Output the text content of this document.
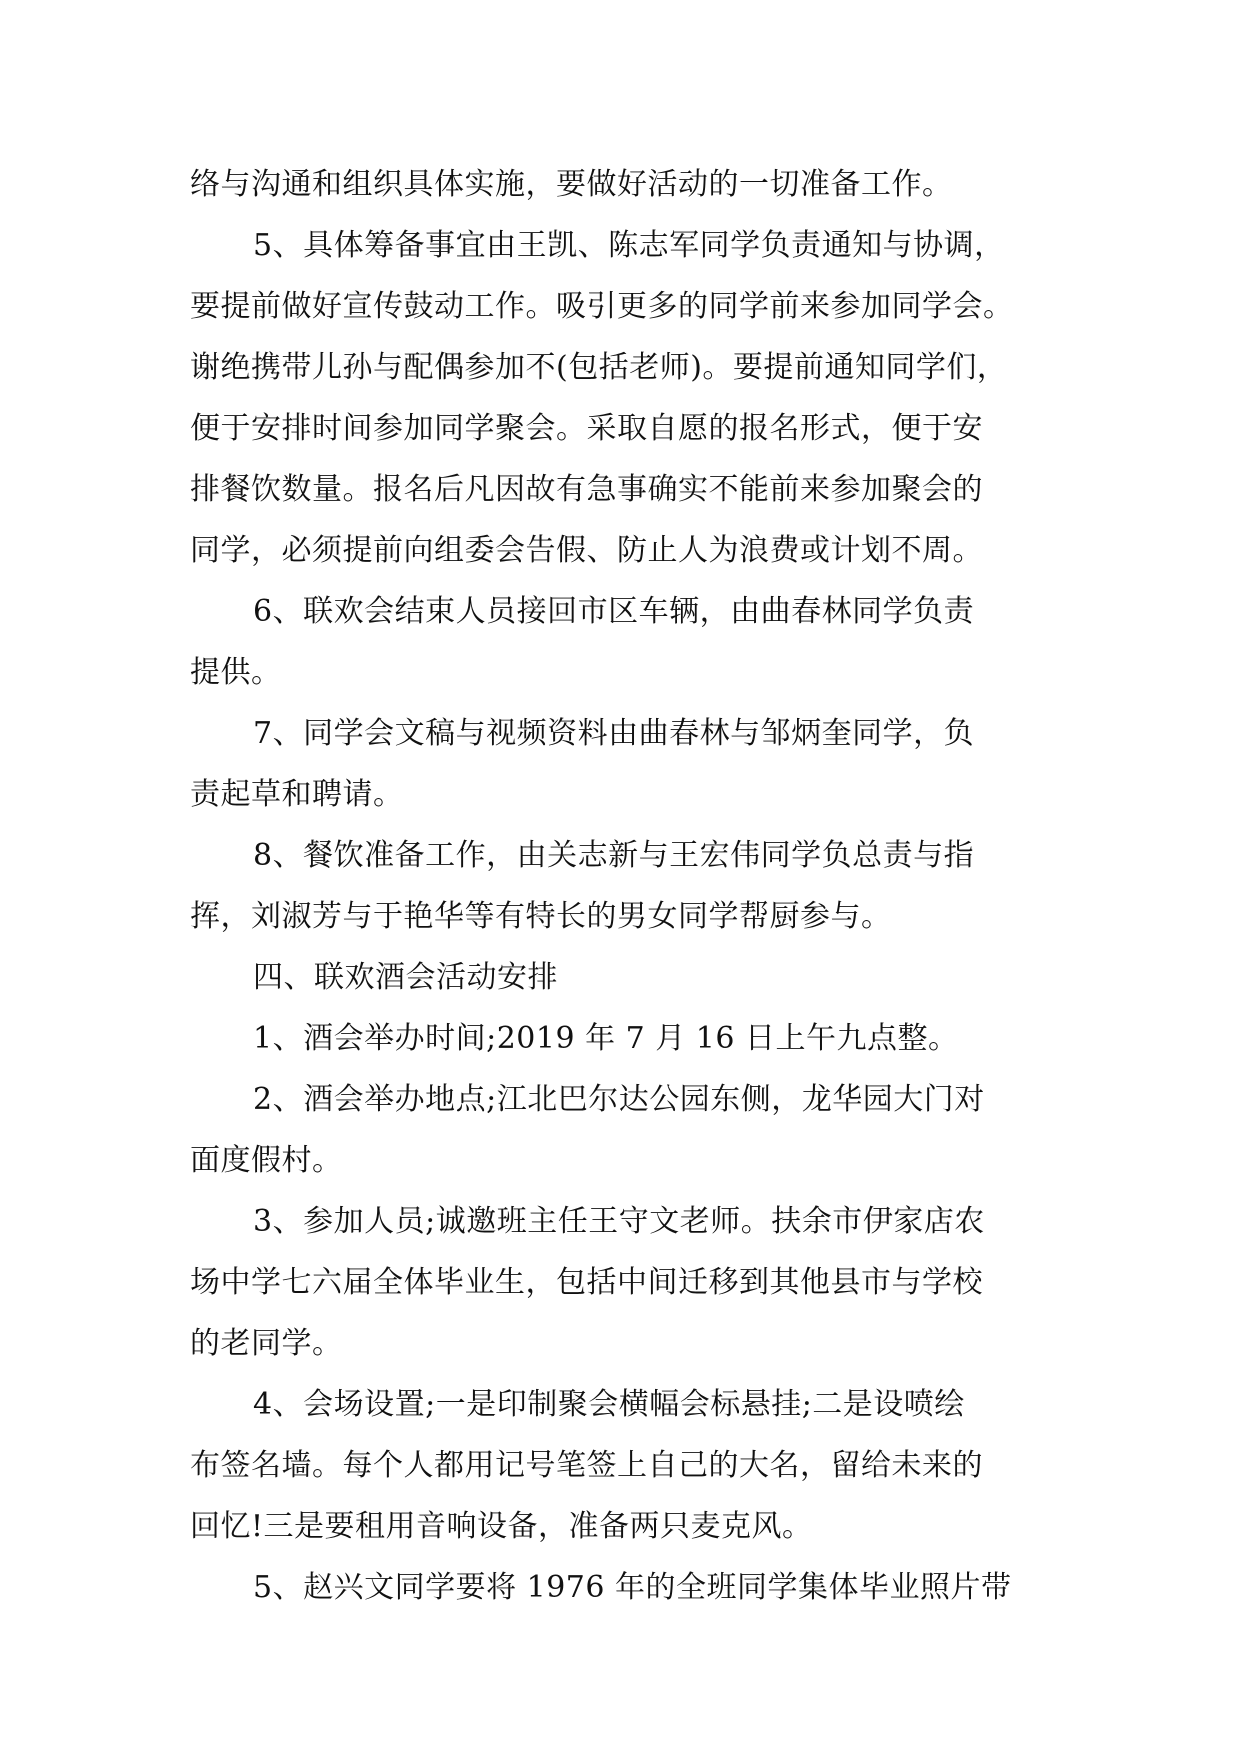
络与沟通和组织具体实施，要做好活动的一切准备工作。
5、具体筹备事宜由王凯、陈志军同学负责通知与协调，
要提前做好宣传鼓动工作。吸引更多的同学前来参加同学会。
谢绝携带儿孙与配偶参加不(包括老师)。要提前通知同学们，
便于安排时间参加同学聚会。采取自愿的报名形式，便于安
排餐饮数量。报名后凡因故有急事确实不能前来参加聚会的
同学，必须提前向组委会告假、防止人为浪费或计划不周。
6、联欢会结束人员接回市区车辆，由曲春林同学负责
提供。
7、同学会文稿与视频资料由曲春林与邹炳奎同学，负
责起草和聘请。
8、餐饮准备工作，由关志新与王宏伟同学负总责与指
挥，刘淑芳与于艳华等有特长的男女同学帮厨参与。
四、联欢酒会活动安排
1、酒会举办时间;2019 年 7 月 16 日上午九点整。
2、酒会举办地点;江北巴尔达公园东侧，龙华园大门对
面度假村。
3、参加人员;诚邀班主任王守文老师。扶余市伊家店农
场中学七六届全体毕业生，包括中间迁移到其他县市与学校
的老同学。
4、会场设置;一是印制聚会横幅会标悬挂;二是设喷绘
布签名墙。每个人都用记号笔签上自己的大名，留给未来的
回忆!三是要租用音响设备，准备两只麦克风。
5、赵兴文同学要将 1976 年的全班同学集体毕业照片带
